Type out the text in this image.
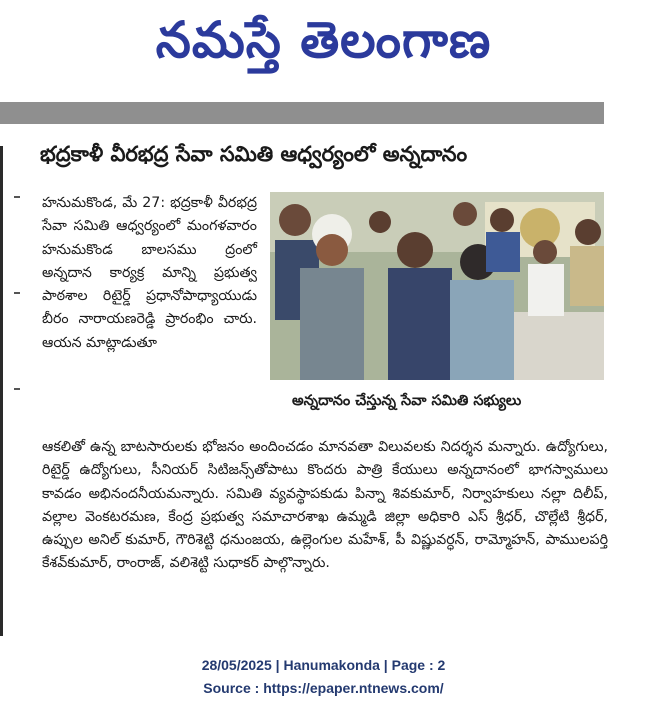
నమస్తే తెలంగాణ
భద్రకాళీ వీరభద్ర సేవా సమితి ఆధ్వర్యంలో అన్నదానం
హనుమకొండ, మే 27: భద్రకాళీ వీరభద్ర సేవా సమితి ఆధ్వర్యంలో మంగళవారం హనుమకొండ బాలసము ద్రంలో అన్నదాన కార్యక్ర మాన్ని ప్రభుత్వ పాఠశాల రిటైర్డ్ ప్రధానోపాధ్యాయుడు బీరం నారాయణరెడ్డి ప్రారంభిం చారు. ఆయన మాట్లాడుతూ
అన్నదానం చేస్తున్న సేవా సమితి సభ్యులు
ఆకలితో ఉన్న బాటసారులకు భోజనం అందించడం మానవతా విలువలకు నిదర్శన మన్నారు. ఉద్యోగులు, రిటైర్డ్ ఉద్యోగులు, సీనియర్ సిటిజన్స్‌తోపాటు కొందరు పాత్రి కేయులు అన్నదానంలో భాగస్వాములు కావడం అభినందనీయమన్నారు. సమితి వ్యవస్థాపకుడు పిన్నా శివకుమార్, నిర్వాహకులు నల్లా దిలీప్, వల్లాల వెంకటరమణ, కేంద్ర ప్రభుత్వ సమాచారశాఖ ఉమ్మడి జిల్లా అధికారి ఎస్ శ్రీధర్, చొల్లేటి శ్రీధర్, ఉప్పుల అనిల్ కుమార్, గౌరిశెట్టి ధనుంజయ, ఉల్లెంగుల మహేశ్, పీ విష్ణువర్ధన్, రామ్మోహన్, పాములపర్తి కేశవ్‌కుమార్, రాంరాజ్, వలిశెట్టి సుధాకర్ పాల్గొన్నారు.
28/05/2025 | Hanumakonda | Page : 2
Source : https://epaper.ntnews.com/
